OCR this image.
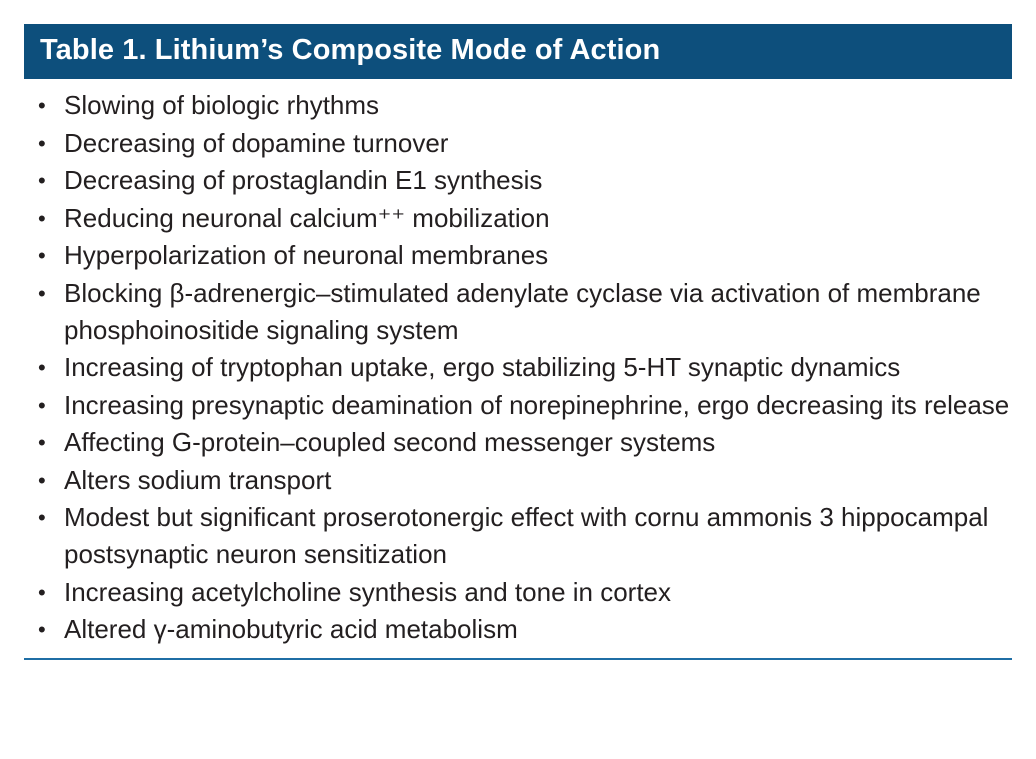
Table 1. Lithium’s Composite Mode of Action
• Slowing of biologic rhythms
• Decreasing of dopamine turnover
• Decreasing of prostaglandin E1 synthesis
• Reducing neuronal calcium⁺⁺ mobilization
• Hyperpolarization of neuronal membranes
• Blocking β-adrenergic–stimulated adenylate cyclase via activation of membrane phosphoinositide signaling system
• Increasing of tryptophan uptake, ergo stabilizing 5-HT synaptic dynamics
• Increasing presynaptic deamination of norepinephrine, ergo decreasing its release
• Affecting G-protein–coupled second messenger systems
• Alters sodium transport
• Modest but significant proserotonergic effect with cornu ammonis 3 hippocampal postsynaptic neuron sensitization
• Increasing acetylcholine synthesis and tone in cortex
• Altered γ-aminobutyric acid metabolism
